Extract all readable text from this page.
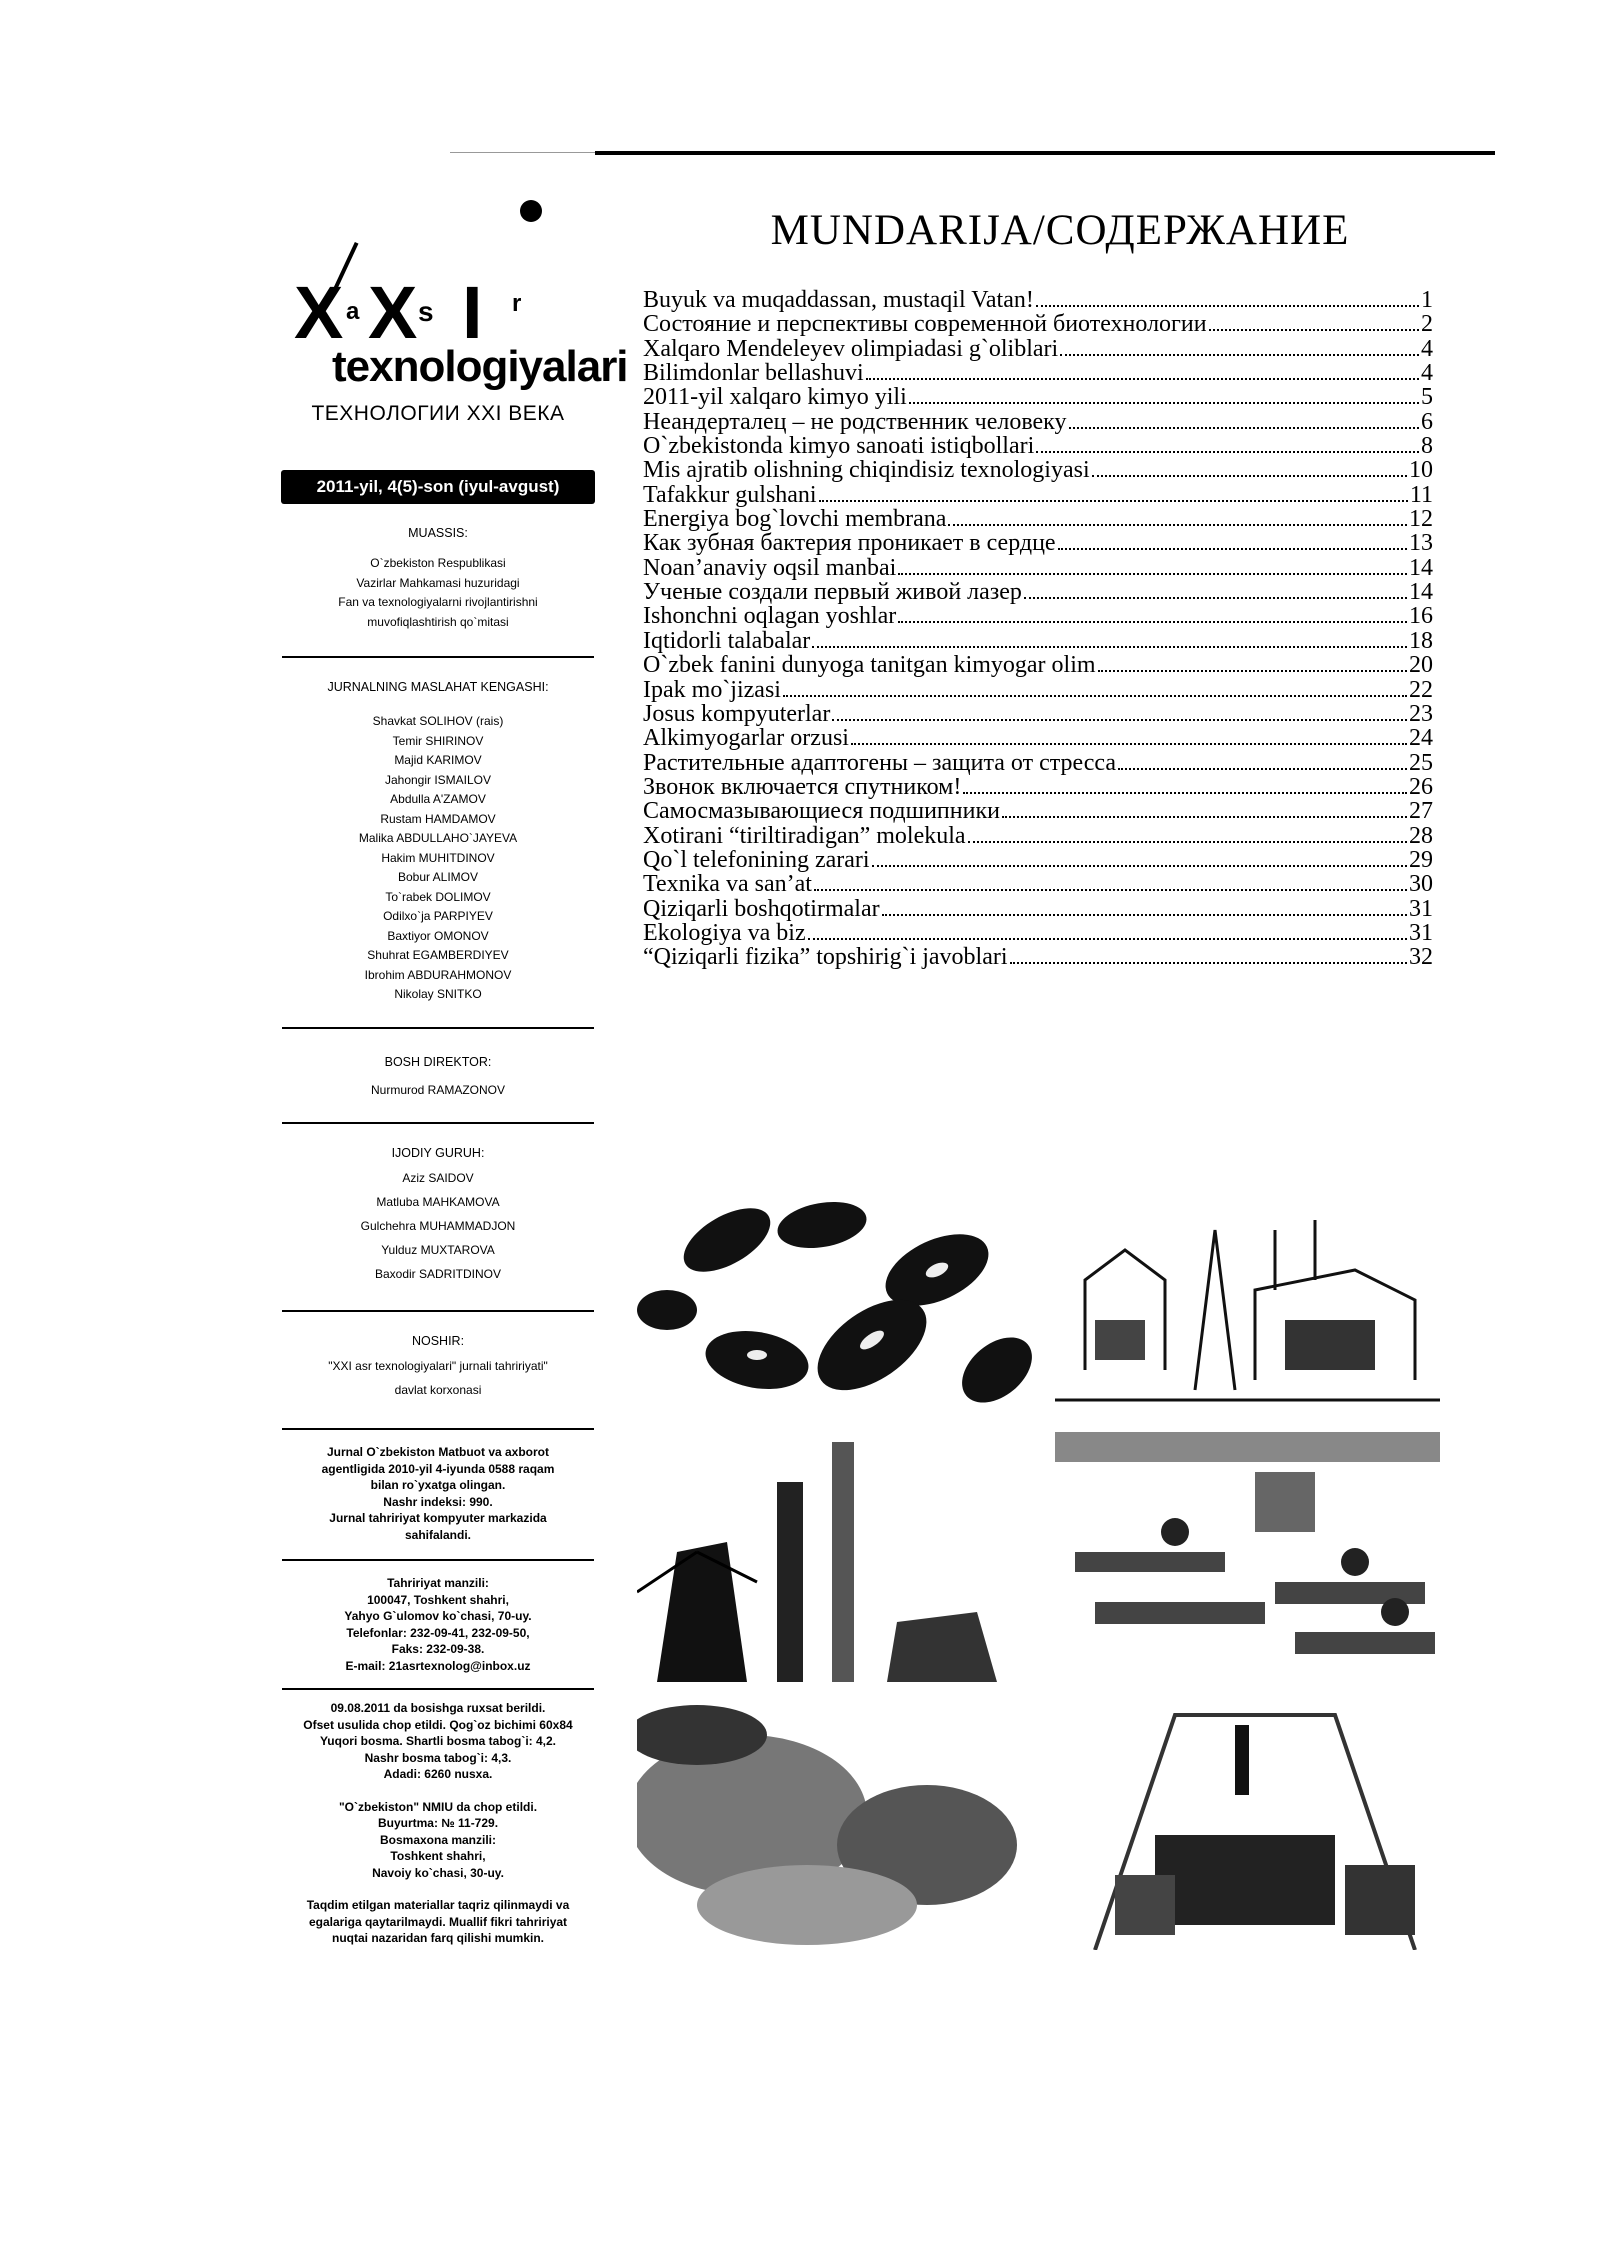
X a X s I r
texnologiyalari
ТЕХНОЛОГИИ XXI ВЕКА
2011-yil, 4(5)-son (iyul-avgust)
MUASSIS:
O`zbekiston Respublikasi
Vazirlar Mahkamasi huzuridagi
Fan va texnologiyalarni rivojlantirishni
muvofiqlashtirish qo`mitasi
JURNALNING MASLAHAT KENGASHI:
Shavkat SOLIHOV (rais)
Temir SHIRINOV
Majid KARIMOV
Jahongir ISMAILOV
Abdulla A'ZAMOV
Rustam HAMDAMOV
Malika ABDULLAHO`JAYEVA
Hakim MUHITDINOV
Bobur ALIMOV
To`rabek DOLIMOV
Odilxo`ja PARPIYEV
Baxtiyor OMONOV
Shuhrat EGAMBERDIYEV
Ibrohim ABDURAHMONOV
Nikolay SNITKO
BOSH DIREKTOR:
Nurmurod RAMAZONOV
IJODIY GURUH:
Aziz SAIDOV
Matluba MAHKAMOVA
Gulchehra MUHAMMADJON
Yulduz MUXTAROVA
Baxodir SADRITDINOV
NOSHIR:
"XXI asr texnologiyalari" jurnali tahririyati"
davlat korxonasi
Jurnal O`zbekiston Matbuot va axborot
agentligida 2010-yil 4-iyunda 0588 raqam
bilan ro`yxatga olingan.
Nashr indeksi: 990.
Jurnal tahririyat kompyuter markazida
sahifalandi.
Tahririyat manzili:
100047, Toshkent shahri,
Yahyo G`ulomov ko`chasi, 70-uy.
Telefonlar: 232-09-41, 232-09-50,
Faks: 232-09-38.
E-mail: 21asrtexnolog@inbox.uz
09.08.2011 da bosishga ruxsat berildi.
Ofset usulida chop etildi. Qog`oz bichimi 60x84
Yuqori bosma. Shartli bosma tabog`i: 4,2.
Nashr bosma tabog`i: 4,3.
Adadi: 6260 nusxa.
"O`zbekiston" NMIU da chop etildi.
Buyurtma: № 11-729.
Bosmaxona manzili:
Toshkent shahri,
Navoiy ko`chasi, 30-uy.
Taqdim etilgan materiallar taqriz qilinmaydi va
egalariga qaytarilmaydi. Muallif fikri tahririyat
nuqtai nazaridan farq qilishi mumkin.
MUNDARIJA/СОДЕРЖАНИЕ
Buyuk va muqaddassan, mustaqil Vatan!	1
Состояние и перспективы современной биотехнологии	2
Xalqaro Mendeleyev olimpiadasi g`oliblari	4
Bilimdonlar bellashuvi	4
2011-yil xalqaro kimyo yili	5
Неандерталец – не родственник человеку	6
O`zbekistonda kimyo sanoati istiqbollari	8
Mis ajratib olishning chiqindisiz texnologiyasi	10
Tafakkur gulshani	11
Energiya bog`lovchi membrana	12
Как зубная бактерия проникает в сердце	13
Noan’anaviy oqsil manbai	14
Ученые создали первый живой лазер	14
Ishonchni oqlagan yoshlar	16
Iqtidorli talabalar	18
O`zbek fanini dunyoga tanitgan kimyogar olim	20
Ipak mo`jizasi	22
Josus kompyuterlar	23
Alkimyogarlar orzusi	24
Растительные адаптогены – защита от стресса	25
Звонок включается спутником!	26
Самосмазывающиеся подшипники	27
Xotirani “tiriltiradigan” molekula	28
Qo`l telefonining zarari	29
Texnika va san’at	30
Qiziqarli boshqotirmalar	31
Ekologiya va biz	31
“Qiziqarli fizika” topshirig`i javoblari	32
